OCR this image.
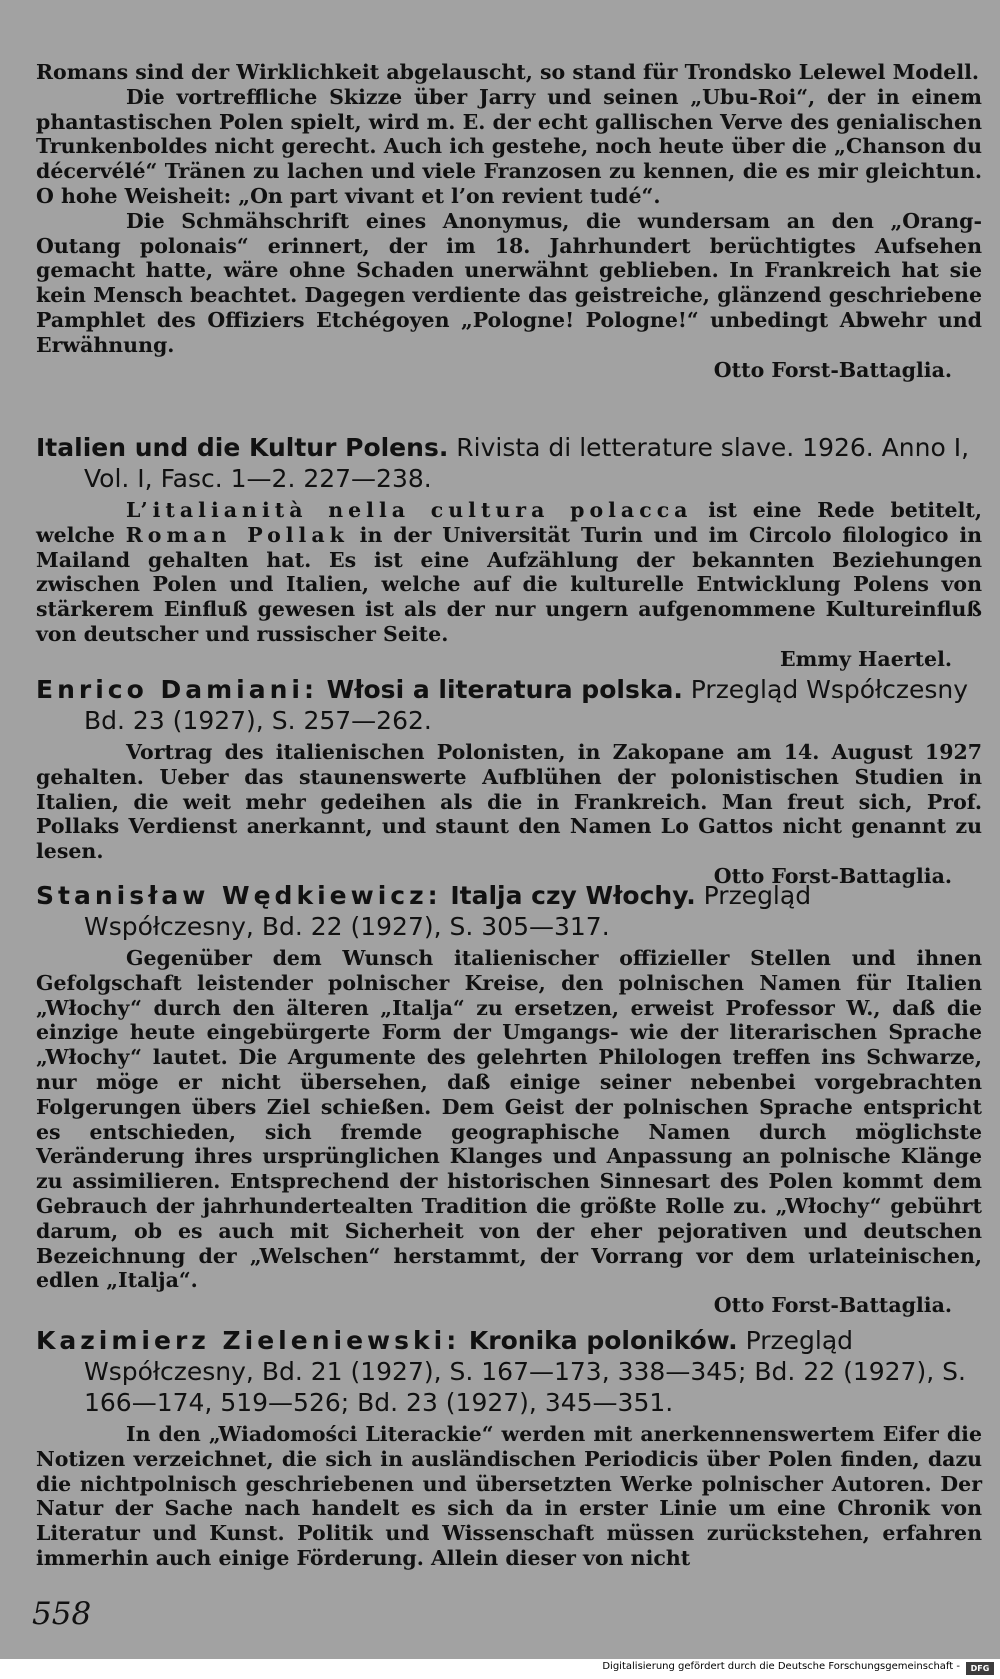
Romans sind der Wirklichkeit abgelauscht, so stand für Trondsko Lelewel Modell.

Die vortreffliche Skizze über Jarry und seinen „Ubu-Roi“, der in einem phantastischen Polen spielt, wird m. E. der echt gallischen Verve des genialischen Trunkenboldes nicht gerecht. Auch ich gestehe, noch heute über die „Chanson du décervélé“ Tränen zu lachen und viele Franzosen zu kennen, die es mir gleichtun. O hohe Weisheit: „On part vivant et l’on revient tudé“.

Die Schmähschrift eines Anonymus, die wundersam an den „Orang-Outang polonais“ erinnert, der im 18. Jahrhundert berüchtigtes Aufsehen gemacht hatte, wäre ohne Schaden unerwähnt geblieben. In Frankreich hat sie kein Mensch beachtet. Dagegen verdiente das geistreiche, glänzend geschriebene Pamphlet des Offiziers Etchégoyen „Pologne! Pologne!“ unbedingt Abwehr und Erwähnung.

Otto Forst-Battaglia.

Italien und die Kultur Polens. Rivista di letterature slave. 1926. Anno I, Vol. I, Fasc. 1—2. 227—238.

L’italianità nella cultura polacca ist eine Rede betitelt, welche Roman Pollak in der Universität Turin und im Circolo filologico in Mailand gehalten hat. Es ist eine Aufzählung der bekannten Beziehungen zwischen Polen und Italien, welche auf die kulturelle Entwicklung Polens von stärkerem Einfluß gewesen ist als der nur ungern aufgenommene Kultureinfluß von deutscher und russischer Seite.

Emmy Haertel.

Enrico Damiani: Włosi a literatura polska. Przegląd Współczesny Bd. 23 (1927), S. 257—262.

Vortrag des italienischen Polonisten, in Zakopane am 14. August 1927 gehalten. Ueber das staunenswerte Aufblühen der polonistischen Studien in Italien, die weit mehr gedeihen als die in Frankreich. Man freut sich, Prof. Pollaks Verdienst anerkannt, und staunt den Namen Lo Gattos nicht genannt zu lesen.

Otto Forst-Battaglia.

Stanisław Wędkiewicz: Italja czy Włochy. Przegląd Współczesny, Bd. 22 (1927), S. 305—317.

Gegenüber dem Wunsch italienischer offizieller Stellen und ihnen Gefolgschaft leistender polnischer Kreise, den polnischen Namen für Italien „Włochy“ durch den älteren „Italja“ zu ersetzen, erweist Professor W., daß die einzige heute eingebürgerte Form der Umgangs- wie der literarischen Sprache „Włochy“ lautet. Die Argumente des gelehrten Philologen treffen ins Schwarze, nur möge er nicht übersehen, daß einige seiner nebenbei vorgebrachten Folgerungen übers Ziel schießen. Dem Geist der polnischen Sprache entspricht es entschieden, sich fremde geographische Namen durch möglichste Veränderung ihres ursprünglichen Klanges und Anpassung an polnische Klänge zu assimilieren. Entsprechend der historischen Sinnesart des Polen kommt dem Gebrauch der jahrhundertealten Tradition die größte Rolle zu. „Włochy“ gebührt darum, ob es auch mit Sicherheit von der eher pejorativen und deutschen Bezeichnung der „Welschen“ herstammt, der Vorrang vor dem urlateinischen, edlen „Italja“.

Otto Forst-Battaglia.

Kazimierz Zieleniewski: Kronika poloników. Przegląd Współczesny, Bd. 21 (1927), S. 167—173, 338—345; Bd. 22 (1927), S. 166—174, 519—526; Bd. 23 (1927), 345—351.

In den „Wiadomości Literackie“ werden mit anerkennenswertem Eifer die Notizen verzeichnet, die sich in ausländischen Periodicis über Polen finden, dazu die nichtpolnisch geschriebenen und übersetzten Werke polnischer Autoren. Der Natur der Sache nach handelt es sich da in erster Linie um eine Chronik von Literatur und Kunst. Politik und Wissenschaft müssen zurückstehen, erfahren immerhin auch einige Förderung. Allein dieser von nicht

558
Digitalisierung gefördert durch die Deutsche Forschungsgemeinschaft -	DFG
